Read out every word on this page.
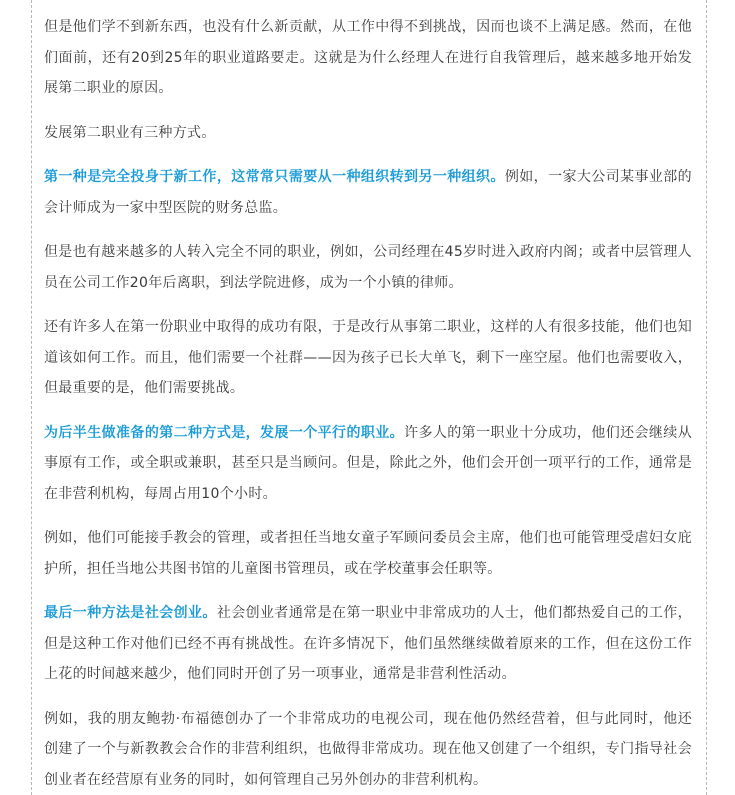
但是他们学不到新东西，也没有什么新贡献，从工作中得不到挑战，因而也谈不上满足感。然而，在他们面前，还有20到25年的职业道路要走。这就是为什么经理人在进行自我管理后，越来越多地开始发展第二职业的原因。

发展第二职业有三种方式。

第一种是完全投身于新工作，这常常只需要从一种组织转到另一种组织。例如，一家大公司某事业部的会计师成为一家中型医院的财务总监。

但是也有越来越多的人转入完全不同的职业，例如，公司经理在45岁时进入政府内阁；或者中层管理人员在公司工作20年后离职，到法学院进修，成为一个小镇的律师。

还有许多人在第一份职业中取得的成功有限，于是改行从事第二职业，这样的人有很多技能，他们也知道该如何工作。而且，他们需要一个社群——因为孩子已长大单飞，剩下一座空屋。他们也需要收入，但最重要的是，他们需要挑战。

为后半生做准备的第二种方式是，发展一个平行的职业。许多人的第一职业十分成功，他们还会继续从事原有工作，或全职或兼职，甚至只是当顾问。但是，除此之外，他们会开创一项平行的工作，通常是在非营利机构，每周占用10个小时。

例如，他们可能接手教会的管理，或者担任当地女童子军顾问委员会主席，他们也可能管理受虐妇女庇护所，担任当地公共图书馆的儿童图书管理员，或在学校董事会任职等。

最后一种方法是社会创业。社会创业者通常是在第一职业中非常成功的人士，他们都热爱自己的工作，但是这种工作对他们已经不再有挑战性。在许多情况下，他们虽然继续做着原来的工作，但在这份工作上花的时间越来越少，他们同时开创了另一项事业，通常是非营利性活动。

例如，我的朋友鲍勃·布福德创办了一个非常成功的电视公司，现在他仍然经营着，但与此同时，他还创建了一个与新教教会合作的非营利组织，也做得非常成功。现在他又创建了一个组织，专门指导社会创业者在经营原有业务的同时，如何管理自己另外创办的非营利机构。
